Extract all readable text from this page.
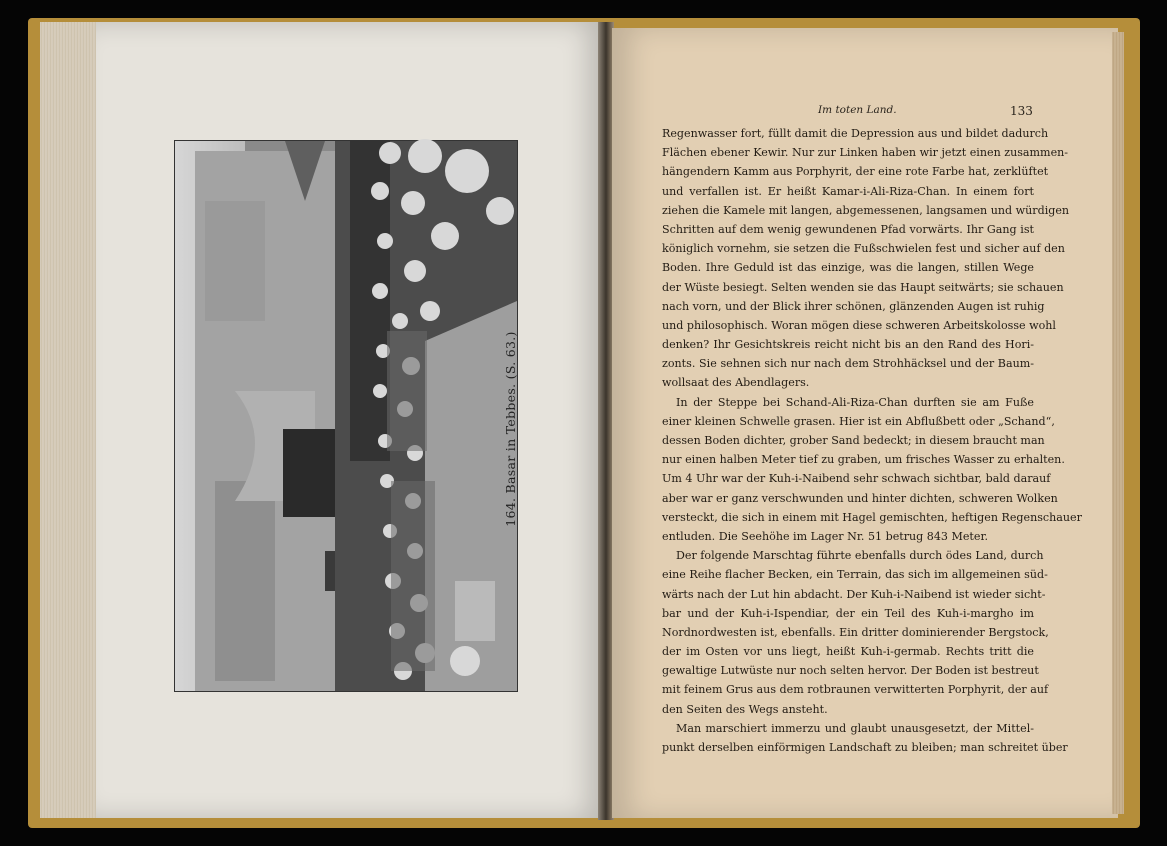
164. Basar in Tebbes. (S. 63.)
Im toten Land.	133
Regenwasser fort, füllt damit die Depression aus und bildet dadurch
Flächen ebener Kewir. Nur zur Linken haben wir jetzt einen zusammen-
hängendern Kamm aus Porphyrit, der eine rote Farbe hat, zerklüftet
und verfallen ist. Er heißt Kamar-i-Ali-Riza-Chan. In einem fort
ziehen die Kamele mit langen, abgemessenen, langsamen und würdigen
Schritten auf dem wenig gewundenen Pfad vorwärts. Ihr Gang ist
königlich vornehm, sie setzen die Fußschwielen fest und sicher auf den
Boden. Ihre Geduld ist das einzige, was die langen, stillen Wege
der Wüste besiegt. Selten wenden sie das Haupt seitwärts; sie schauen
nach vorn, und der Blick ihrer schönen, glänzenden Augen ist ruhig
und philosophisch. Woran mögen diese schweren Arbeitskolosse wohl
denken? Ihr Gesichtskreis reicht nicht bis an den Rand des Hori-
zonts. Sie sehnen sich nur nach dem Strohhäcksel und der Baum-
wollsaat des Abendlagers.
In der Steppe bei Schand-Ali-Riza-Chan durften sie am Fuße
einer kleinen Schwelle grasen. Hier ist ein Abflußbett oder „Schand“,
dessen Boden dichter, grober Sand bedeckt; in diesem braucht man
nur einen halben Meter tief zu graben, um frisches Wasser zu erhalten.
Um 4 Uhr war der Kuh-i-Naibend sehr schwach sichtbar, bald darauf
aber war er ganz verschwunden und hinter dichten, schweren Wolken
versteckt, die sich in einem mit Hagel gemischten, heftigen Regenschauer
entluden. Die Seehöhe im Lager Nr. 51 betrug 843 Meter.
Der folgende Marschtag führte ebenfalls durch ödes Land, durch
eine Reihe flacher Becken, ein Terrain, das sich im allgemeinen süd-
wärts nach der Lut hin abdacht. Der Kuh-i-Naibend ist wieder sicht-
bar und der Kuh-i-Ispendiar, der ein Teil des Kuh-i-margho im
Nordnordwesten ist, ebenfalls. Ein dritter dominierender Bergstock,
der im Osten vor uns liegt, heißt Kuh-i-germab. Rechts tritt die
gewaltige Lutwüste nur noch selten hervor. Der Boden ist bestreut
mit feinem Grus aus dem rotbraunen verwitterten Porphyrit, der auf
den Seiten des Wegs ansteht.
Man marschiert immerzu und glaubt unausgesetzt, der Mittel-
punkt derselben einförmigen Landschaft zu bleiben; man schreitet über
